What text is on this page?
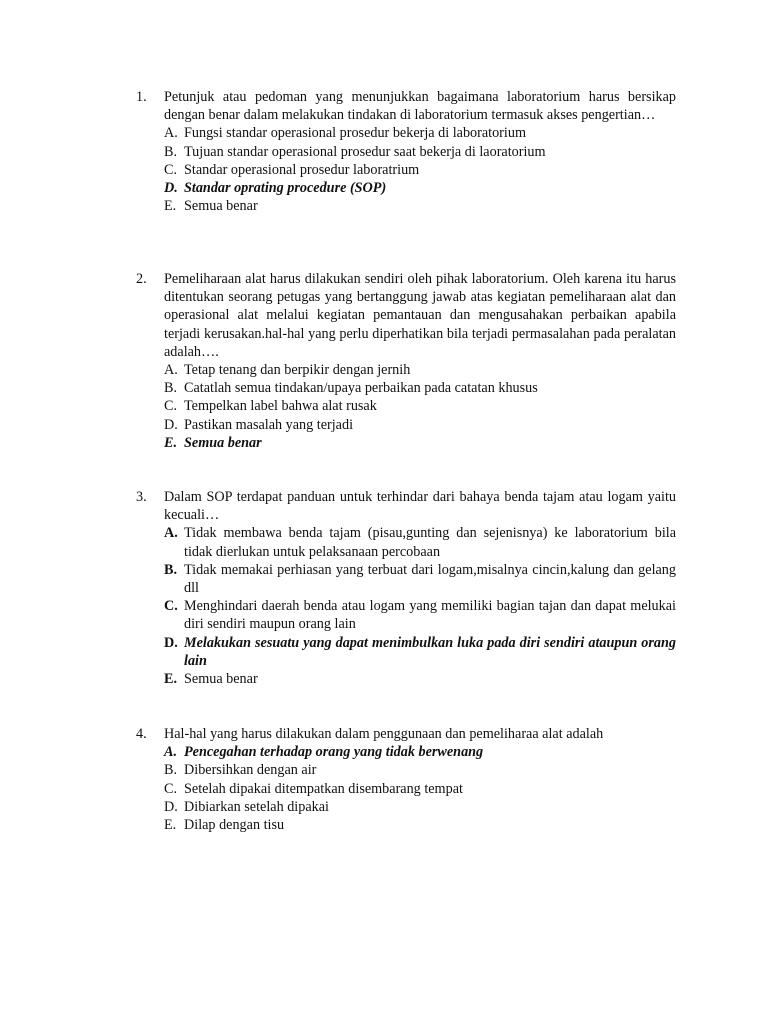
1.	Petunjuk atau pedoman yang menunjukkan bagaimana laboratorium harus bersikap dengan benar dalam melakukan tindakan di laboratorium termasuk akses pengertian…
A. Fungsi standar operasional prosedur bekerja di laboratorium
B. Tujuan standar operasional prosedur saat bekerja di laoratorium
C. Standar operasional prosedur laboratrium
D. Standar oprating procedure (SOP)
E. Semua benar
2.	Pemeliharaan alat harus dilakukan sendiri oleh pihak laboratorium. Oleh karena itu harus ditentukan seorang petugas yang bertanggung jawab atas kegiatan pemeliharaan alat dan operasional alat melalui kegiatan pemantauan dan mengusahakan perbaikan apabila terjadi kerusakan.hal-hal yang perlu diperhatikan bila terjadi permasalahan pada peralatan adalah….
A. Tetap tenang dan berpikir dengan jernih
B. Catatlah semua tindakan/upaya perbaikan pada catatan khusus
C. Tempelkan label bahwa alat rusak
D. Pastikan masalah yang terjadi
E. Semua benar
3.	Dalam SOP terdapat panduan untuk terhindar dari bahaya benda tajam atau logam yaitu kecuali…
A. Tidak membawa benda tajam (pisau,gunting dan sejenisnya) ke laboratorium bila tidak dierlukan untuk pelaksanaan percobaan
B. Tidak memakai perhiasan yang terbuat dari logam,misalnya cincin,kalung dan gelang dll
C. Menghindari daerah benda atau logam yang memiliki bagian tajan dan dapat melukai diri sendiri maupun orang lain
D. Melakukan sesuatu yang dapat menimbulkan luka pada diri sendiri ataupun orang lain
E. Semua benar
4.	Hal-hal yang harus dilakukan dalam penggunaan dan pemeliharaa alat adalah
A. Pencegahan terhadap orang yang tidak berwenang
B. Dibersihkan dengan air
C. Setelah dipakai ditempatkan disembarang tempat
D. Dibiarkan setelah dipakai
E. Dilap dengan tisu
